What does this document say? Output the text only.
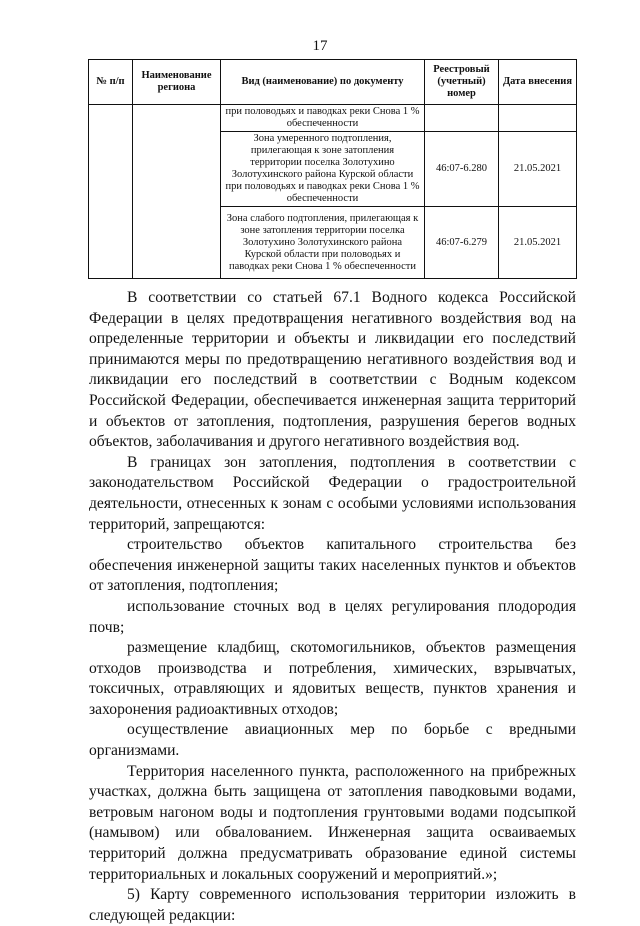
17
№ п/п	Наименование региона	Вид (наименование) по документу	Реестровый (учетный) номер	Дата внесения
		при половодьях и паводках реки Снова 1 % обеспеченности		
		Зона умеренного подтопления, прилегающая к зоне затопления территории поселка Золотухино Золотухинского района Курской области при половодьях и паводках реки Снова 1 % обеспеченности	46:07-6.280	21.05.2021
		Зона слабого подтопления, прилегающая к зоне затопления территории поселка Золотухино Золотухинского района Курской области при половодьях и паводках реки Снова 1 % обеспеченности	46:07-6.279	21.05.2021

В соответствии со статьей 67.1 Водного кодекса Российской Федерации в целях предотвращения негативного воздействия вод на определенные территории и объекты и ликвидации его последствий принимаются меры по предотвращению негативного воздействия вод и ликвидации его последствий в соответствии с Водным кодексом Российской Федерации, обеспечивается инженерная защита территорий и объектов от затопления, подтопления, разрушения берегов водных объектов, заболачивания и другого негативного воздействия вод.

В границах зон затопления, подтопления в соответствии с законодательством Российской Федерации о градостроительной деятельности, отнесенных к зонам с особыми условиями использования территорий, запрещаются:

строительство объектов капитального строительства без обеспечения инженерной защиты таких населенных пунктов и объектов от затопления, подтопления;

использование сточных вод в целях регулирования плодородия почв;

размещение кладбищ, скотомогильников, объектов размещения отходов производства и потребления, химических, взрывчатых, токсичных, отравляющих и ядовитых веществ, пунктов хранения и захоронения радиоактивных отходов;

осуществление авиационных мер по борьбе с вредными организмами.

Территория населенного пункта, расположенного на прибрежных участках, должна быть защищена от затопления паводковыми водами, ветровым нагоном воды и подтопления грунтовыми водами подсыпкой (намывом) или обвалованием. Инженерная защита осваиваемых территорий должна предусматривать образование единой системы территориальных и локальных сооружений и мероприятий.»;

5) Карту современного использования территории изложить в следующей редакции:
